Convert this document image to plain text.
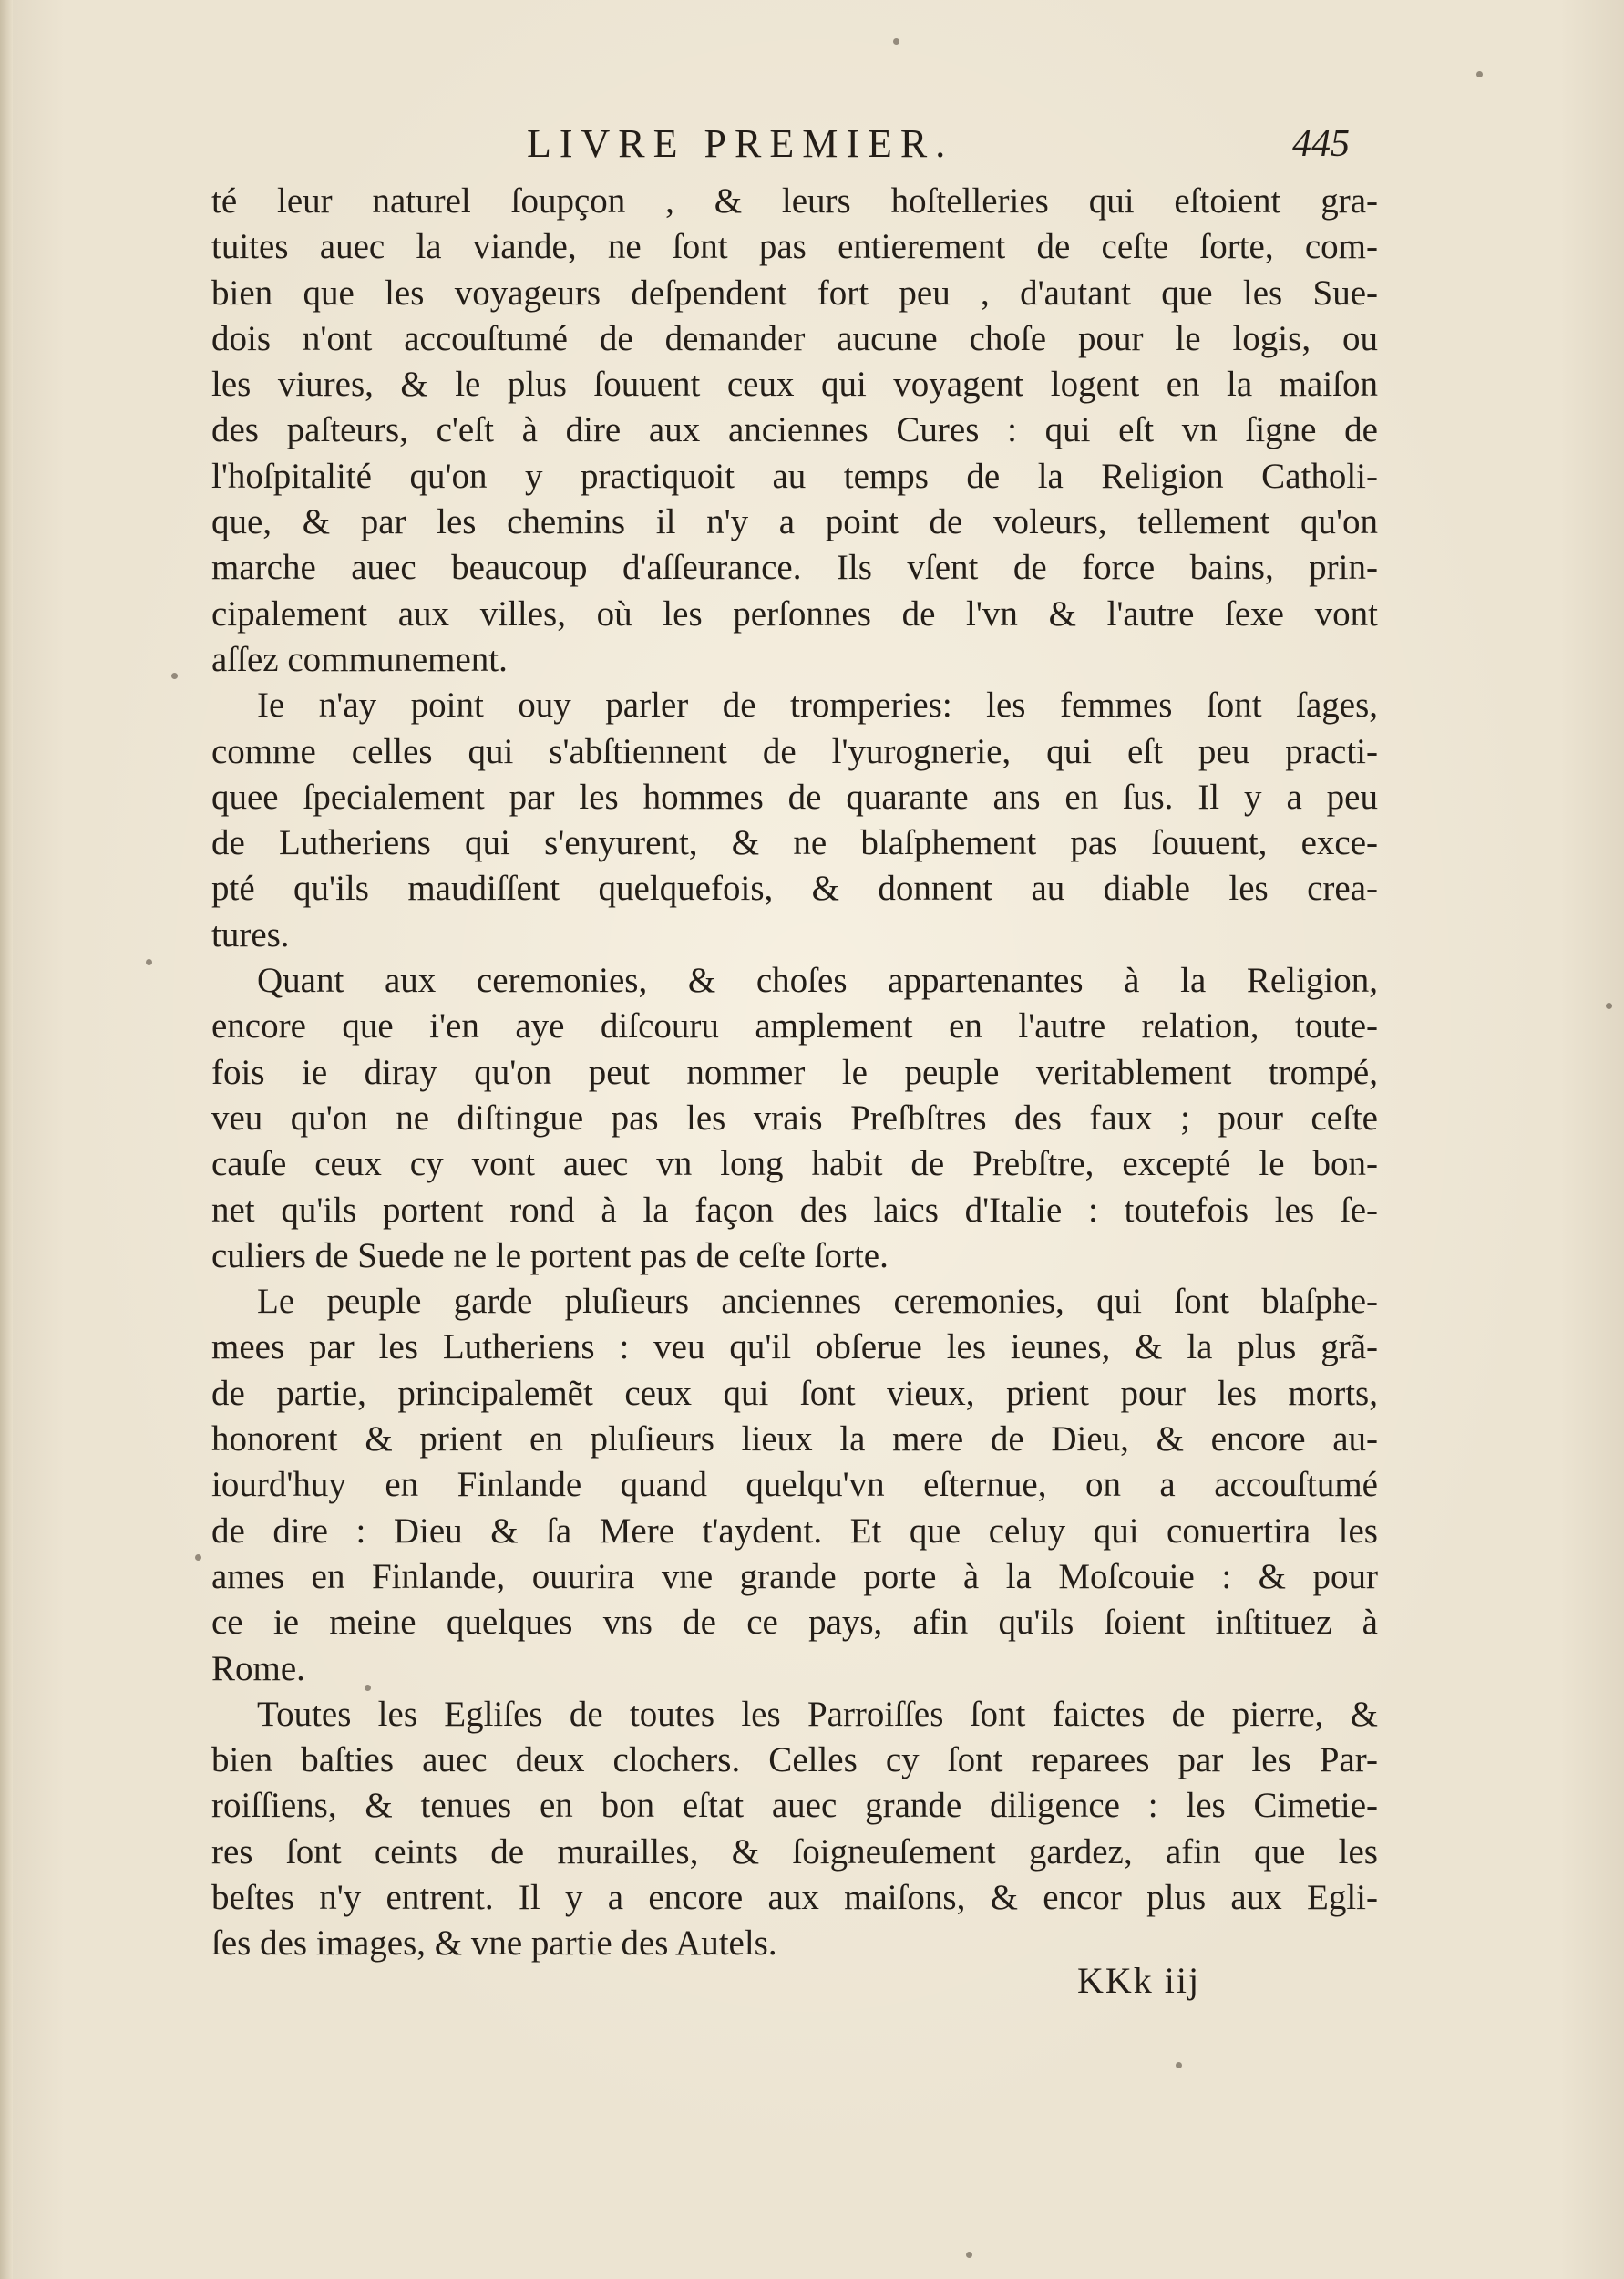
LIVRE PREMIER.	445
té leur naturel ſoupçon , & leurs hoſtelleries qui eſtoient gra-
tuites auec la viande, ne ſont pas entierement de ceſte ſorte, com-
bien que les voyageurs deſpendent fort peu , d'autant que les Sue-
dois n'ont accouſtumé de demander aucune choſe pour le logis, ou
les viures, & le plus ſouuent ceux qui voyagent logent en la maiſon
des paſteurs, c'eſt à dire aux anciennes Cures : qui eſt vn ſigne de
l'hoſpitalité qu'on y practiquoit au temps de la Religion Catholi-
que, & par les chemins il n'y a point de voleurs, tellement qu'on
marche auec beaucoup d'aſſeurance. Ils vſent de force bains, prin-
cipalement aux villes, où les perſonnes de l'vn & l'autre ſexe vont
aſſez communement.
Ie n'ay point ouy parler de tromperies: les femmes ſont ſages,
comme celles qui s'abſtiennent de l'yurognerie, qui eſt peu practi-
quee ſpecialement par les hommes de quarante ans en ſus. Il y a peu
de Lutheriens qui s'enyurent, & ne blaſphement pas ſouuent, exce-
pté qu'ils maudiſſent quelquefois, & donnent au diable les crea-
tures.
Quant aux ceremonies, & choſes appartenantes à la Religion,
encore que i'en aye diſcouru amplement en l'autre relation, toute-
fois ie diray qu'on peut nommer le peuple veritablement trompé,
veu qu'on ne diſtingue pas les vrais Preſbſtres des faux ; pour ceſte
cauſe ceux cy vont auec vn long habit de Prebſtre, excepté le bon-
net qu'ils portent rond à la façon des laics d'Italie : toutefois les ſe-
culiers de Suede ne le portent pas de ceſte ſorte.
Le peuple garde pluſieurs anciennes ceremonies, qui ſont blaſphe-
mees par les Lutheriens : veu qu'il obſerue les ieunes, & la plus grã-
de partie, principalemẽt ceux qui ſont vieux, prient pour les morts,
honorent & prient en pluſieurs lieux la mere de Dieu, & encore au-
iourd'huy en Finlande quand quelqu'vn eſternue, on a accouſtumé
de dire : Dieu & ſa Mere t'aydent. Et que celuy qui conuertira les
ames en Finlande, ouurira vne grande porte à la Moſcouie : & pour
ce ie meine quelques vns de ce pays, afin qu'ils ſoient inſtituez à
Rome.
Toutes les Egliſes de toutes les Parroiſſes ſont faictes de pierre, &
bien baſties auec deux clochers. Celles cy ſont reparees par les Par-
roiſſiens, & tenues en bon eſtat auec grande diligence : les Cimetie-
res ſont ceints de murailles, & ſoigneuſement gardez, afin que les
beſtes n'y entrent. Il y a encore aux maiſons, & encor plus aux Egli-
ſes des images, & vne partie des Autels.
KKk iij
